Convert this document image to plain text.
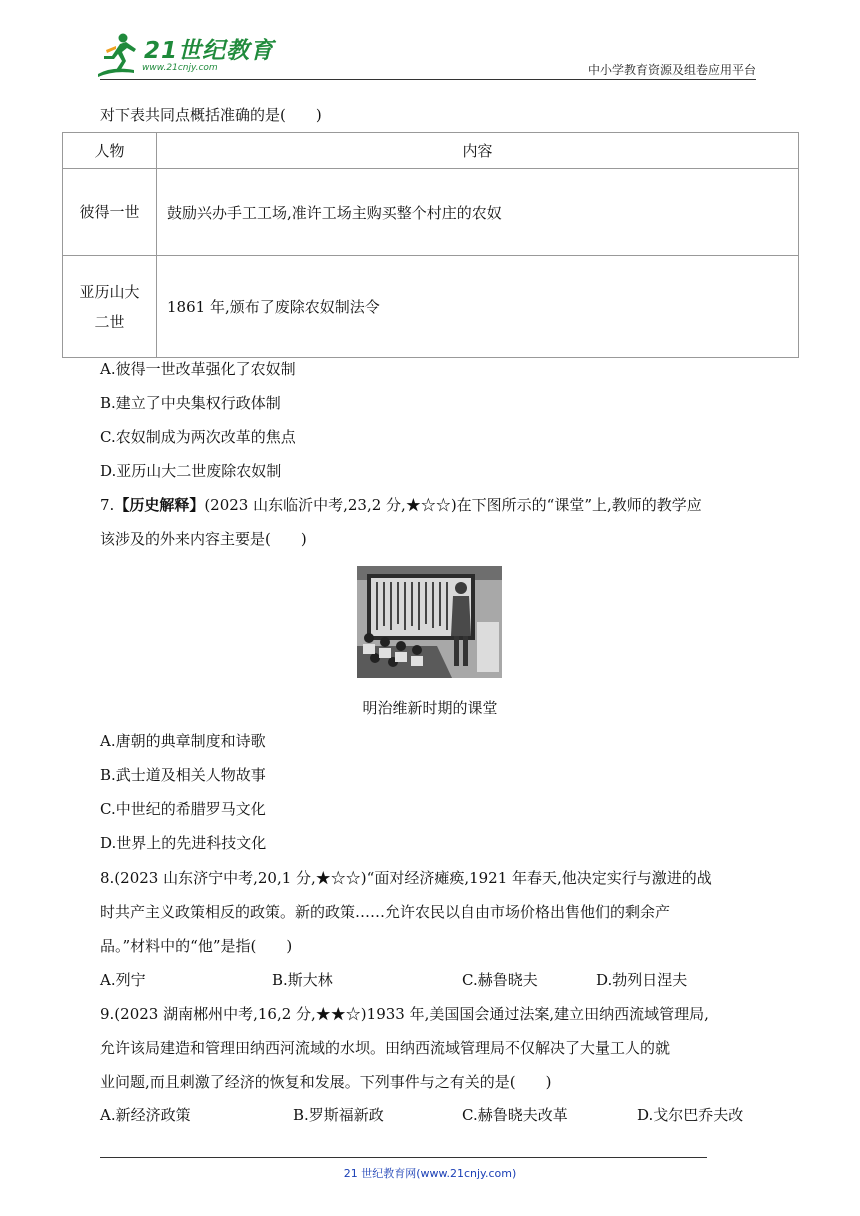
21世纪教育
www.21cnjy.com	中小学教育资源及组卷应用平台
对下表共同点概括准确的是(　　)
人物	内容
彼得一世	鼓励兴办手工工场,准许工场主购买整个村庄的农奴

亚历山大
二世	1861 年,颁布了废除农奴制法令
A.彼得一世改革强化了农奴制
B.建立了中央集权行政体制
C.农奴制成为两次改革的焦点
D.亚历山大二世废除农奴制
7.【历史解释】(2023 山东临沂中考,23,2 分,★☆☆)在下图所示的“课堂”上,教师的教学应
该涉及的外来内容主要是(　　)
明治维新时期的课堂
A.唐朝的典章制度和诗歌
B.武士道及相关人物故事
C.中世纪的希腊罗马文化
D.世界上的先进科技文化
8.(2023 山东济宁中考,20,1 分,★☆☆)“面对经济瘫痪,1921 年春天,他决定实行与激进的战
时共产主义政策相反的政策。新的政策……允许农民以自由市场价格出售他们的剩余产
品。”材料中的“他”是指(　　)
A.列宁	B.斯大林	C.赫鲁晓夫	D.勃列日涅夫
9.(2023 湖南郴州中考,16,2 分,★★☆)1933 年,美国国会通过法案,建立田纳西流域管理局,
允许该局建造和管理田纳西河流域的水坝。田纳西流域管理局不仅解决了大量工人的就
业问题,而且刺激了经济的恢复和发展。下列事件与之有关的是(　　)
A.新经济政策	B.罗斯福新政	C.赫鲁晓夫改革	D.戈尔巴乔夫改
21 世纪教育网(www.21cnjy.com)
